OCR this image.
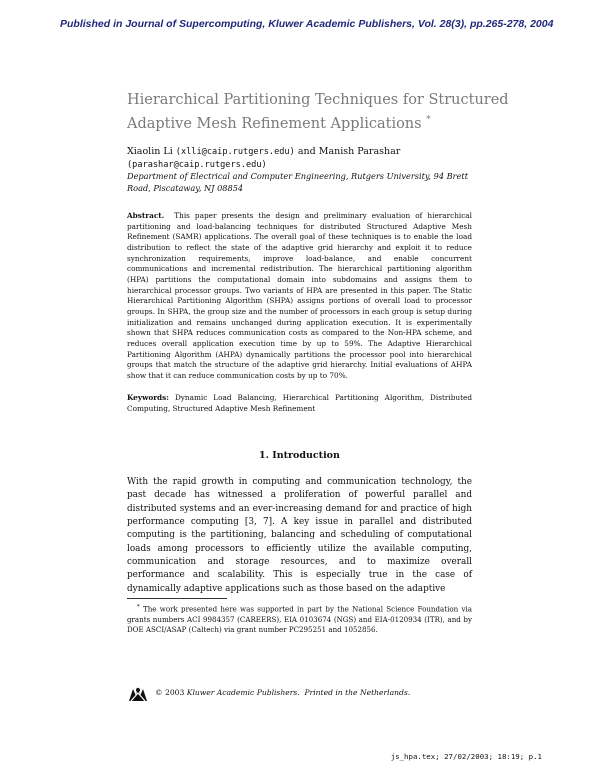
Published in Journal of Supercomputing, Kluwer Academic Publishers, Vol. 28(3), pp.265-278, 2004
Hierarchical Partitioning Techniques for Structured Adaptive Mesh Refinement Applications *
Xiaolin Li (xlli@caip.rutgers.edu) and Manish Parashar
(parashar@caip.rutgers.edu)
Department of Electrical and Computer Engineering, Rutgers University, 94 Brett Road, Piscataway, NJ 08854
Abstract. This paper presents the design and preliminary evaluation of hierarchical partitioning and load-balancing techniques for distributed Structured Adaptive Mesh Refinement (SAMR) applications. The overall goal of these techniques is to enable the load distribution to reflect the state of the adaptive grid hierarchy and exploit it to reduce synchronization requirements, improve load-balance, and enable concurrent communications and incremental redistribution. The hierarchical partitioning algorithm (HPA) partitions the computational domain into subdomains and assigns them to hierarchical processor groups. Two variants of HPA are presented in this paper. The Static Hierarchical Partitioning Algorithm (SHPA) assigns portions of overall load to processor groups. In SHPA, the group size and the number of processors in each group is setup during initialization and remains unchanged during application execution. It is experimentally shown that SHPA reduces communication costs as compared to the Non-HPA scheme, and reduces overall application execution time by up to 59%. The Adaptive Hierarchical Partitioning Algorithm (AHPA) dynamically partitions the processor pool into hierarchical groups that match the structure of the adaptive grid hierarchy. Initial evaluations of AHPA show that it can reduce communication costs by up to 70%.
Keywords: Dynamic Load Balancing, Hierarchical Partitioning Algorithm, Distributed Computing, Structured Adaptive Mesh Refinement
1. Introduction
With the rapid growth in computing and communication technology, the past decade has witnessed a proliferation of powerful parallel and distributed systems and an ever-increasing demand for and practice of high performance computing [3, 7]. A key issue in parallel and distributed computing is the partitioning, balancing and scheduling of computational loads among processors to efficiently utilize the available computing, communication and storage resources, and to maximize overall performance and scalability. This is especially true in the case of dynamically adaptive applications such as those based on the adaptive
* The work presented here was supported in part by the National Science Foundation via grants numbers ACI 9984357 (CAREERS), EIA 0103674 (NGS) and EIA-0120934 (ITR), and by DOE ASCI/ASAP (Caltech) via grant number PC295251 and 1052856.
© 2003 Kluwer Academic Publishers. Printed in the Netherlands.
js_hpa.tex; 27/02/2003; 18:19; p.1
